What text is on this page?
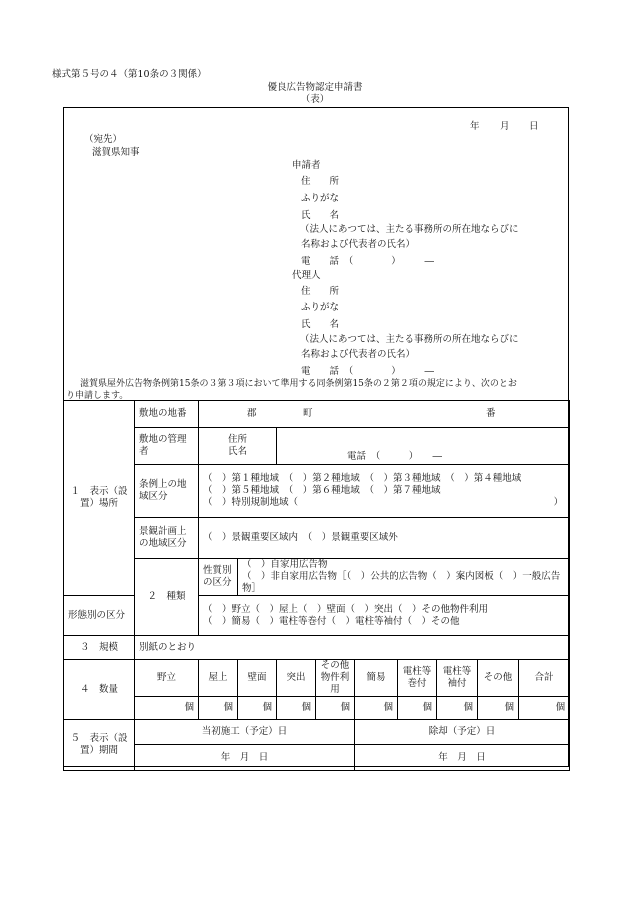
様式第５号の４（第10条の３関係）
優良広告物認定申請書
（表）
年 月 日
（宛先）
滋賀県知事
申請者
住　　所
ふりがな
氏　　名
（法人にあつては、主たる事務所の所在地ならびに
名称および代表者の氏名）
電　　話　（　　　　）　　　―
代理人
住　　所
ふりがな
氏　　名
（法人にあつては、主たる事務所の所在地ならびに
名称および代表者の氏名）
電　　話　（　　　　）　　　―
滋賀県屋外広告物条例第15条の３第３項において準用する同条例第15条の２第２項の規定により、次のとお
り申請します。
１　表示（設置）場所	敷地の地番	郡 町 番								

	敷地の管理者	住所
氏名		電話　（　　　）　　―						

	条例上の地域区分	（　）第１種地域　（　）第２種地域　（　）第３種地域　（　）第４種地域
（　）第５種地域　（　）第６種地域　（　）第７種地域
（　）特別規制地域（ ）								

	景観計画上の地域区分	（　）景観重要区域内　（　）景観重要区域外								
	２　種類	性質別の区分	（　）自家用広告物
（　）非自家用広告物［（　）公共的広告物（　）案内図板（　）一般広告物］							

形態別の区分		（　）野立（　）屋上（　）壁面（　）突出（　）その他物件利用
（　）簡易（　）電柱等巻付（　）電柱等袖付（　）その他								

３　規模	別紙のとおり									
４　数量	野立	屋上	壁面	突出	その他物件利用	簡易	電柱等巻付	電柱等袖付	その他	合計
	個	個	個	個	個	個	個	個	個	個
５　表示（設置）期間	当初施工（予定）日					除却（予定）日				
	年　月　日					年　月　日				
